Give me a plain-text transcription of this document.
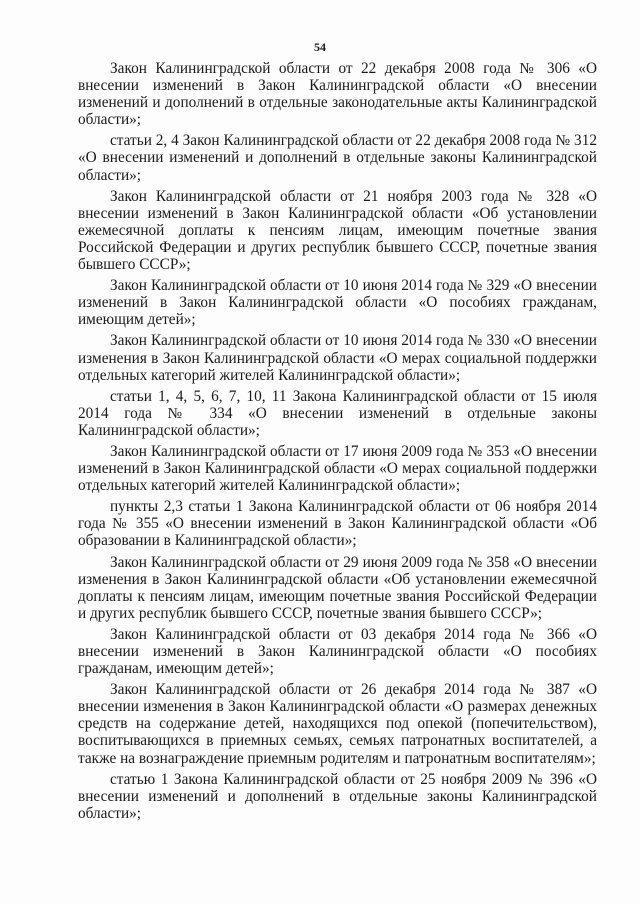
54

Закон Калининградской области от 22 декабря 2008 года № 306 «О внесении изменений в Закон Калининградской области «О внесении изменений и дополнений в отдельные законодательные акты Калининградской области»;

статьи 2, 4 Закон Калининградской области от 22 декабря 2008 года № 312 «О внесении изменений и дополнений в отдельные законы Калининградской области»;

Закон Калининградской области от 21 ноября 2003 года № 328 «О внесении изменений в Закон Калининградской области «Об установлении ежемесячной доплаты к пенсиям лицам, имеющим почетные звания Российской Федерации и других республик бывшего СССР, почетные звания бывшего СССР»;

Закон Калининградской области от 10 июня 2014 года № 329 «О внесении изменений в Закон Калининградской области «О пособиях гражданам, имеющим детей»;

Закон Калининградской области от 10 июня 2014 года № 330 «О внесении изменения в Закон Калининградской области «О мерах социальной поддержки отдельных категорий жителей Калининградской области»;

статьи 1, 4, 5, 6, 7, 10, 11 Закона Калининградской области от 15 июля 2014 года № 334 «О внесении изменений в отдельные законы Калининградской области»;

Закон Калининградской области от 17 июня 2009 года № 353 «О внесении изменений в Закон Калининградской области «О мерах социальной поддержки отдельных категорий жителей Калининградской области»;

пункты 2,3 статьи 1 Закона Калининградской области от 06 ноября 2014 года № 355 «О внесении изменений в Закон Калининградской области «Об образовании в Калининградской области»;

Закон Калининградской области от 29 июня 2009 года № 358 «О внесении изменения в Закон Калининградской области «Об установлении ежемесячной доплаты к пенсиям лицам, имеющим почетные звания Российской Федерации и других республик бывшего СССР, почетные звания бывшего СССР»;

Закон Калининградской области от 03 декабря 2014 года № 366 «О внесении изменений в Закон Калининградской области «О пособиях гражданам, имеющим детей»;

Закон Калининградской области от 26 декабря 2014 года № 387 «О внесении изменения в Закон Калининградской области «О размерах денежных средств на содержание детей, находящихся под опекой (попечительством), воспитывающихся в приемных семьях, семьях патронатных воспитателей, а также на вознаграждение приемным родителям и патронатным воспитателям»;

статью 1 Закона Калининградской области от 25 ноября 2009 № 396 «О внесении изменений и дополнений в отдельные законы Калининградской области»;
